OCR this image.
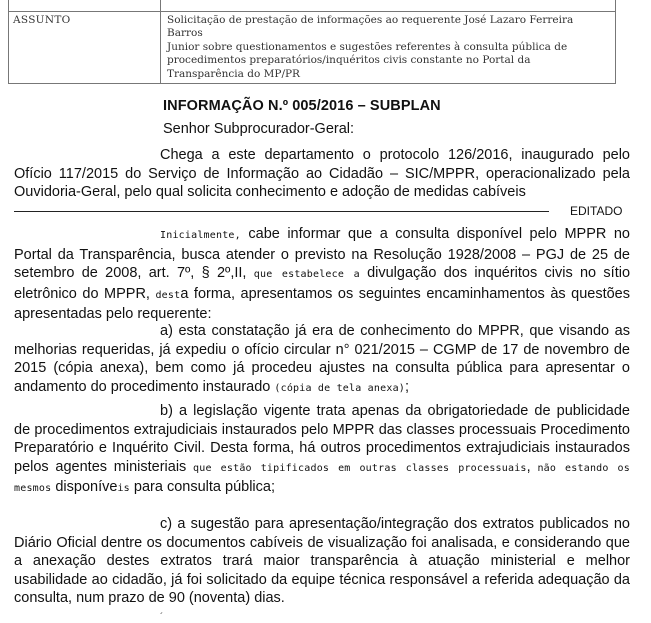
ASSUNTO	Solicitação de prestação de informações ao requerente José Lazaro Ferreira Barros
Junior sobre questionamentos e sugestões referentes à consulta pública de
procedimentos preparatórios/inquéritos civis constante no Portal da
Transparência do MP/PR
INFORMAÇÃO N.º 005/2016 – SUBPLAN
Senhor Subprocurador-Geral:

Chega a este departamento o protocolo 126/2016, inaugurado pelo Ofício 117/2015 do Serviço de Informação ao Cidadão – SIC/MPPR, operacionalizado pela Ouvidoria-Geral, pelo qual solicita conhecimento e adoção de medidas cabíveis

EDITADO

Inicialmente, cabe informar que a consulta disponível pelo MPPR no Portal da Transparência, busca atender o previsto na Resolução 1928/2008 – PGJ de 25 de setembro de 2008, art. 7º, § 2º,II, que estabelece a divulgação dos inquéritos civis no sítio eletrônico do MPPR, desta forma, apresentamos os seguintes encaminhamentos às questões apresentadas pelo requerente:

a) esta constatação já era de conhecimento do MPPR, que visando as melhorias requeridas, já expediu o ofício circular n° 021/2015 – CGMP de 17 de novembro de 2015 (cópia anexa), bem como já procedeu ajustes na consulta pública para apresentar o andamento do procedimento instaurado (cópia de tela anexa);

b) a legislação vigente trata apenas da obrigatoriedade de publicidade de procedimentos extrajudiciais instaurados pelo MPPR das classes processuais Procedimento Preparatório e Inquérito Civil. Desta forma, há outros procedimentos extrajudiciais instaurados pelos agentes ministeriais que estão tipificados em outras classes processuais, não estando os mesmos disponíveis para consulta pública;

c) a sugestão para apresentação/integração dos extratos publicados no Diário Oficial dentre os documentos cabíveis de visualização foi analisada, e considerando que a anexação destes extratos trará maior transparência à atuação ministerial e melhor usabilidade ao cidadão, já foi solicitado da equipe técnica responsável a referida adequação da consulta, num prazo de 90 (noventa) dias.

´
